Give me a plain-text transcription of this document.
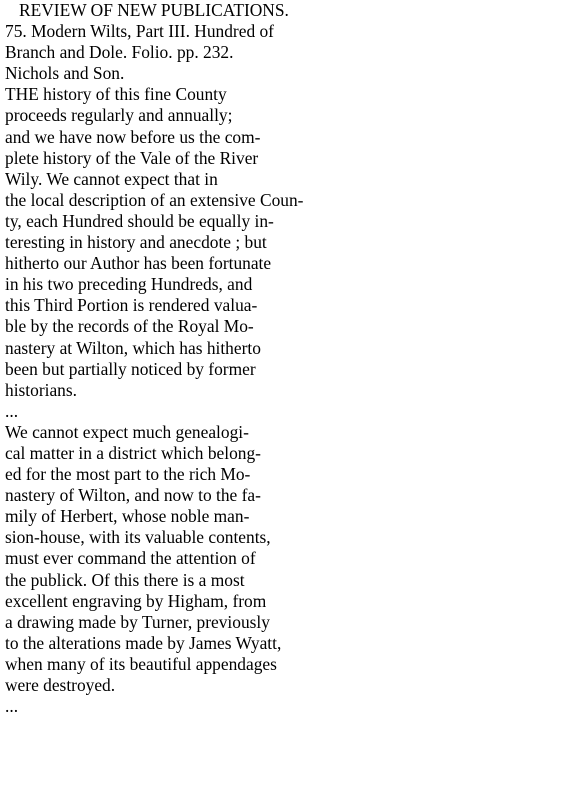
REVIEW OF NEW PUBLICATIONS.
75. Modern Wilts, Part III. Hundred of
Branch and Dole. Folio. pp. 232.
Nichols and Son.
THE history of this fine County
proceeds regularly and annually;
and we have now before us the com-
plete history of the Vale of the River
Wily. We cannot expect that in
the local description of an extensive Coun-
ty, each Hundred should be equally in-
teresting in history and anecdote ; but
hitherto our Author has been fortunate
in his two preceding Hundreds, and
this Third Portion is rendered valua-
ble by the records of the Royal Mo-
nastery at Wilton, which has hitherto
been but partially noticed by former
historians.
...
We cannot expect much genealogi-
cal matter in a district which belong-
ed for the most part to the rich Mo-
nastery of Wilton, and now to the fa-
mily of Herbert, whose noble man-
sion-house, with its valuable contents,
must ever command the attention of
the publick. Of this there is a most
excellent engraving by Higham, from
a drawing made by Turner, previously
to the alterations made by James Wyatt,
when many of its beautiful appendages
were destroyed.
...
